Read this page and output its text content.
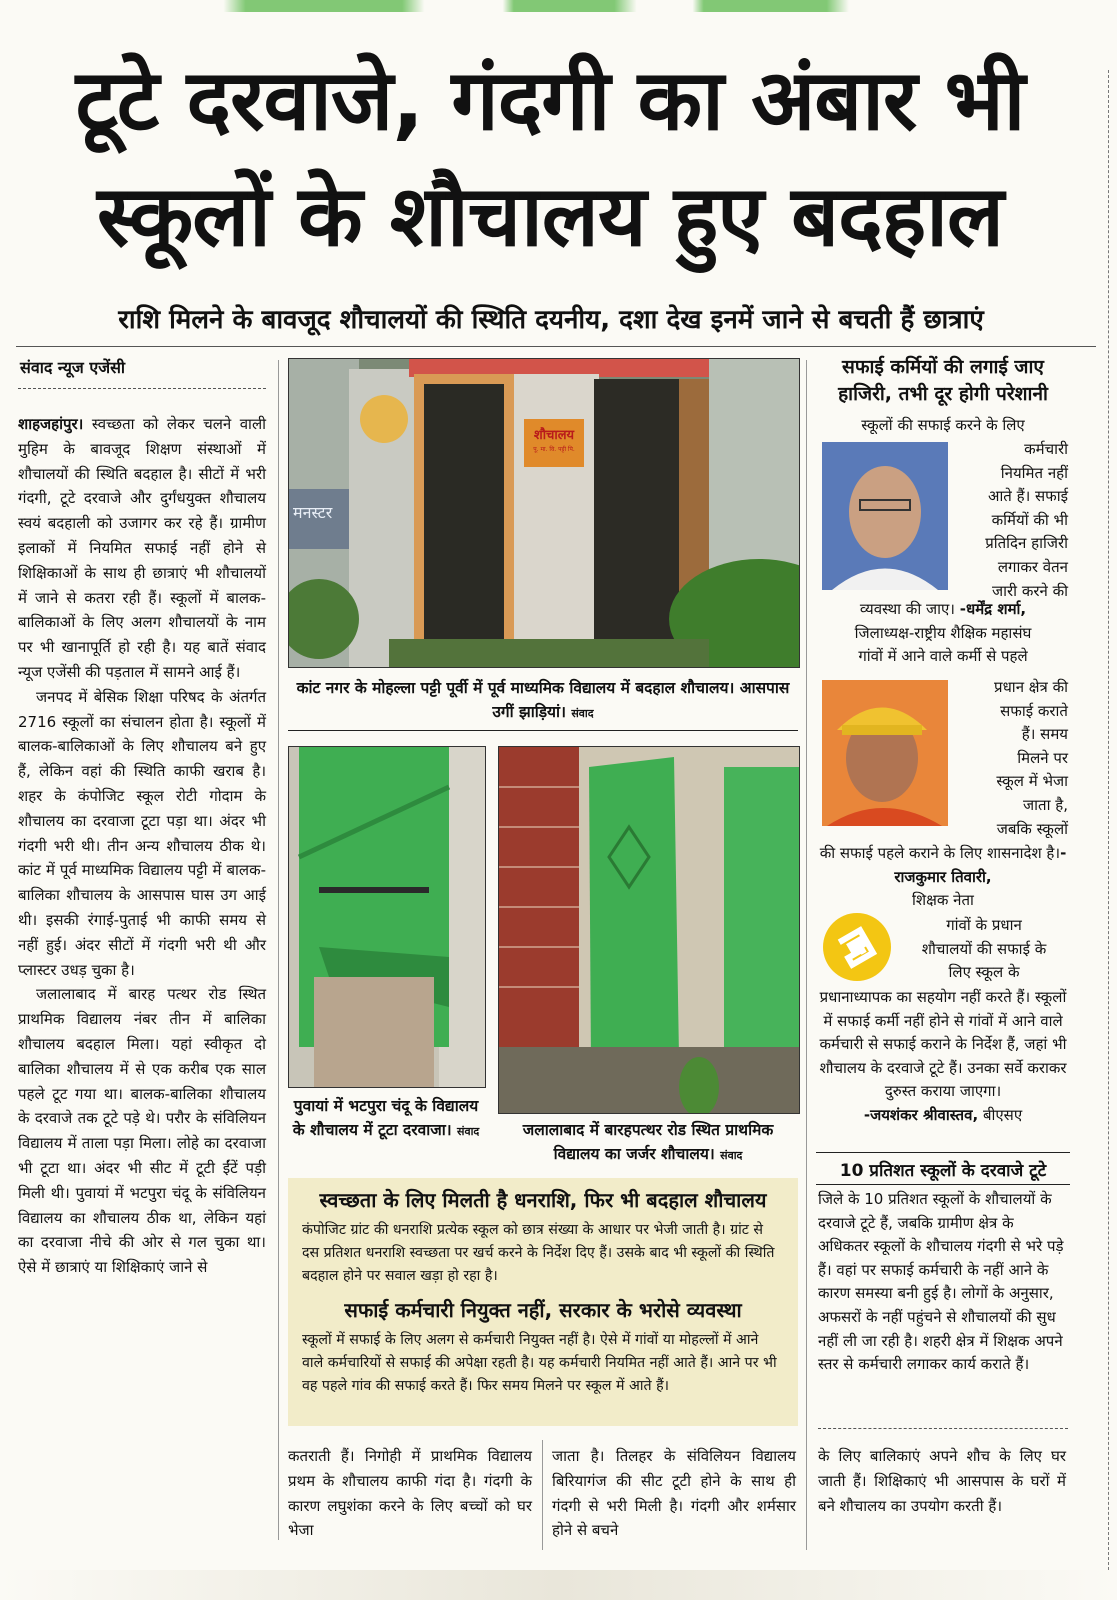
टूटे दरवाजे, गंदगी का अंबार भी
स्कूलों के शौचालय हुए बदहाल
राशि मिलने के बावजूद शौचालयों की स्थिति दयनीय, दशा देख इनमें जाने से बचती हैं छात्राएं
संवाद न्यूज एजेंसी

शाहजहांपुर। स्वच्छता को लेकर चलने वाली मुहिम के बावजूद शिक्षण संस्थाओं में शौचालयों की स्थिति बदहाल है। सीटों में भरी गंदगी, टूटे दरवाजे और दुर्गंधयुक्त शौचालय स्वयं बदहाली को उजागर कर रहे हैं। ग्रामीण इलाकों में नियमित सफाई नहीं होने से शिक्षिकाओं के साथ ही छात्राएं भी शौचालयों में जाने से कतरा रही हैं। स्कूलों में बालक-बालिकाओं के लिए अलग शौचालयों के नाम पर भी खानापूर्ति हो रही है। यह बातें संवाद न्यूज एजेंसी की पड़ताल में सामने आई हैं।

जनपद में बेसिक शिक्षा परिषद के अंतर्गत 2716 स्कूलों का संचालन होता है। स्कूलों में बालक-बालिकाओं के लिए शौचालय बने हुए हैं, लेकिन वहां की स्थिति काफी खराब है। शहर के कंपोजिट स्कूल रोटी गोदाम के शौचालय का दरवाजा टूटा पड़ा था। अंदर भी गंदगी भरी थी। तीन अन्य शौचालय ठीक थे। कांट में पूर्व माध्यमिक विद्यालय पट्टी में बालक-बालिका शौचालय के आसपास घास उग आई थी। इसकी रंगाई-पुताई भी काफी समय से नहीं हुई। अंदर सीटों में गंदगी भरी थी और प्लास्टर उधड़ चुका है।

जलालाबाद में बारह पत्थर रोड स्थित प्राथमिक विद्यालय नंबर तीन में बालिका शौचालय बदहाल मिला। यहां स्वीकृत दो बालिका शौचालय में से एक करीब एक साल पहले टूट गया था। बालक-बालिका शौचालय के दरवाजे तक टूटे पड़े थे। परौर के संविलियन विद्यालय में ताला पड़ा मिला। लोहे का दरवाजा भी टूटा था। अंदर भी सीट में टूटी ईंटें पड़ी मिली थी। पुवायां में भटपुरा चंदू के संविलियन विद्यालय का शौचालय ठीक था, लेकिन यहां का दरवाजा नीचे की ओर से गल चुका था। ऐसे में छात्राएं या शिक्षिकाएं जाने से

शौचालय
पू. मा. वि. पट्टी पि.
मनस्टर
कांट नगर के मोहल्ला पट्टी पूर्वी में पूर्व माध्यमिक विद्यालय में बदहाल शौचालय। आसपास उगीं झाड़ियां। संवाद
पुवायां में भटपुरा चंदू के विद्यालय के शौचालय में टूटा दरवाजा। संवाद	जलालाबाद में बारहपत्थर रोड स्थित प्राथमिक विद्यालय का जर्जर शौचालय। संवाद
स्वच्छता के लिए मिलती है धनराशि, फिर भी बदहाल शौचालय
कंपोजिट ग्रांट की धनराशि प्रत्येक स्कूल को छात्र संख्या के आधार पर भेजी जाती है। ग्रांट से दस प्रतिशत धनराशि स्वच्छता पर खर्च करने के निर्देश दिए हैं। उसके बाद भी स्कूलों की स्थिति बदहाल होने पर सवाल खड़ा हो रहा है।
सफाई कर्मचारी नियुक्त नहीं, सरकार के भरोसे व्यवस्था
स्कूलों में सफाई के लिए अलग से कर्मचारी नियुक्त नहीं है। ऐसे में गांवों या मोहल्लों में आने वाले कर्मचारियों से सफाई की अपेक्षा रहती है। यह कर्मचारी नियमित नहीं आते हैं। आने पर भी वह पहले गांव की सफाई करते हैं। फिर समय मिलने पर स्कूल में आते हैं।
कतराती हैं। निगोही में प्राथमिक विद्यालय प्रथम के शौचालय काफी गंदा है। गंदगी के कारण लघुशंका करने के लिए बच्चों को घर भेजा
जाता है। तिलहर के संविलियन विद्यालय बिरियागंज की सीट टूटी होने के साथ ही गंदगी से भरी मिली है। गंदगी और शर्मसार होने से बचने
के लिए बालिकाएं अपने शौच के लिए घर जाती हैं। शिक्षिकाएं भी आसपास के घरों में बने शौचालय का उपयोग करती हैं।
सफाई कर्मियों की लगाई जाए हाजिरी, तभी दूर होगी परेशानी
स्कूलों की सफाई करने के लिए
कर्मचारी
नियमित नहीं
आते हैं। सफाई
कर्मियों की भी
प्रतिदिन हाजिरी
लगाकर वेतन
जारी करने की
व्यवस्था की जाए। -धर्मेंद्र शर्मा,
जिलाध्यक्ष-राष्ट्रीय शैक्षिक महासंघ
गांवों में आने वाले कर्मी से पहले
प्रधान क्षेत्र की
सफाई कराते
हैं। समय
मिलने पर
स्कूल में भेजा
जाता है,
जबकि स्कूलों
की सफाई पहले कराने के लिए शासनादेश है।-राजकुमार तिवारी,
शिक्षक नेता
गांवों के प्रधान
शौचालयों की सफाई के
लिए स्कूल के
प्रधानाध्यापक का सहयोग नहीं करते हैं। स्कूलों में सफाई कर्मी नहीं होने से गांवों में आने वाले कर्मचारी से सफाई कराने के निर्देश हैं, जहां भी शौचालय के दरवाजे टूटे हैं। उनका सर्वे कराकर दुरुस्त कराया जाएगा।
-जयशंकर श्रीवास्तव, बीएसए
10 प्रतिशत स्कूलों के दरवाजे टूटे
जिले के 10 प्रतिशत स्कूलों के शौचालयों के दरवाजे टूटे हैं, जबकि ग्रामीण क्षेत्र के अधिकतर स्कूलों के शौचालय गंदगी से भरे पड़े हैं। वहां पर सफाई कर्मचारी के नहीं आने के कारण समस्या बनी हुई है। लोगों के अनुसार, अफसरों के नहीं पहुंचने से शौचालयों की सुध नहीं ली जा रही है। शहरी क्षेत्र में शिक्षक अपने स्तर से कर्मचारी लगाकर कार्य कराते हैं।
